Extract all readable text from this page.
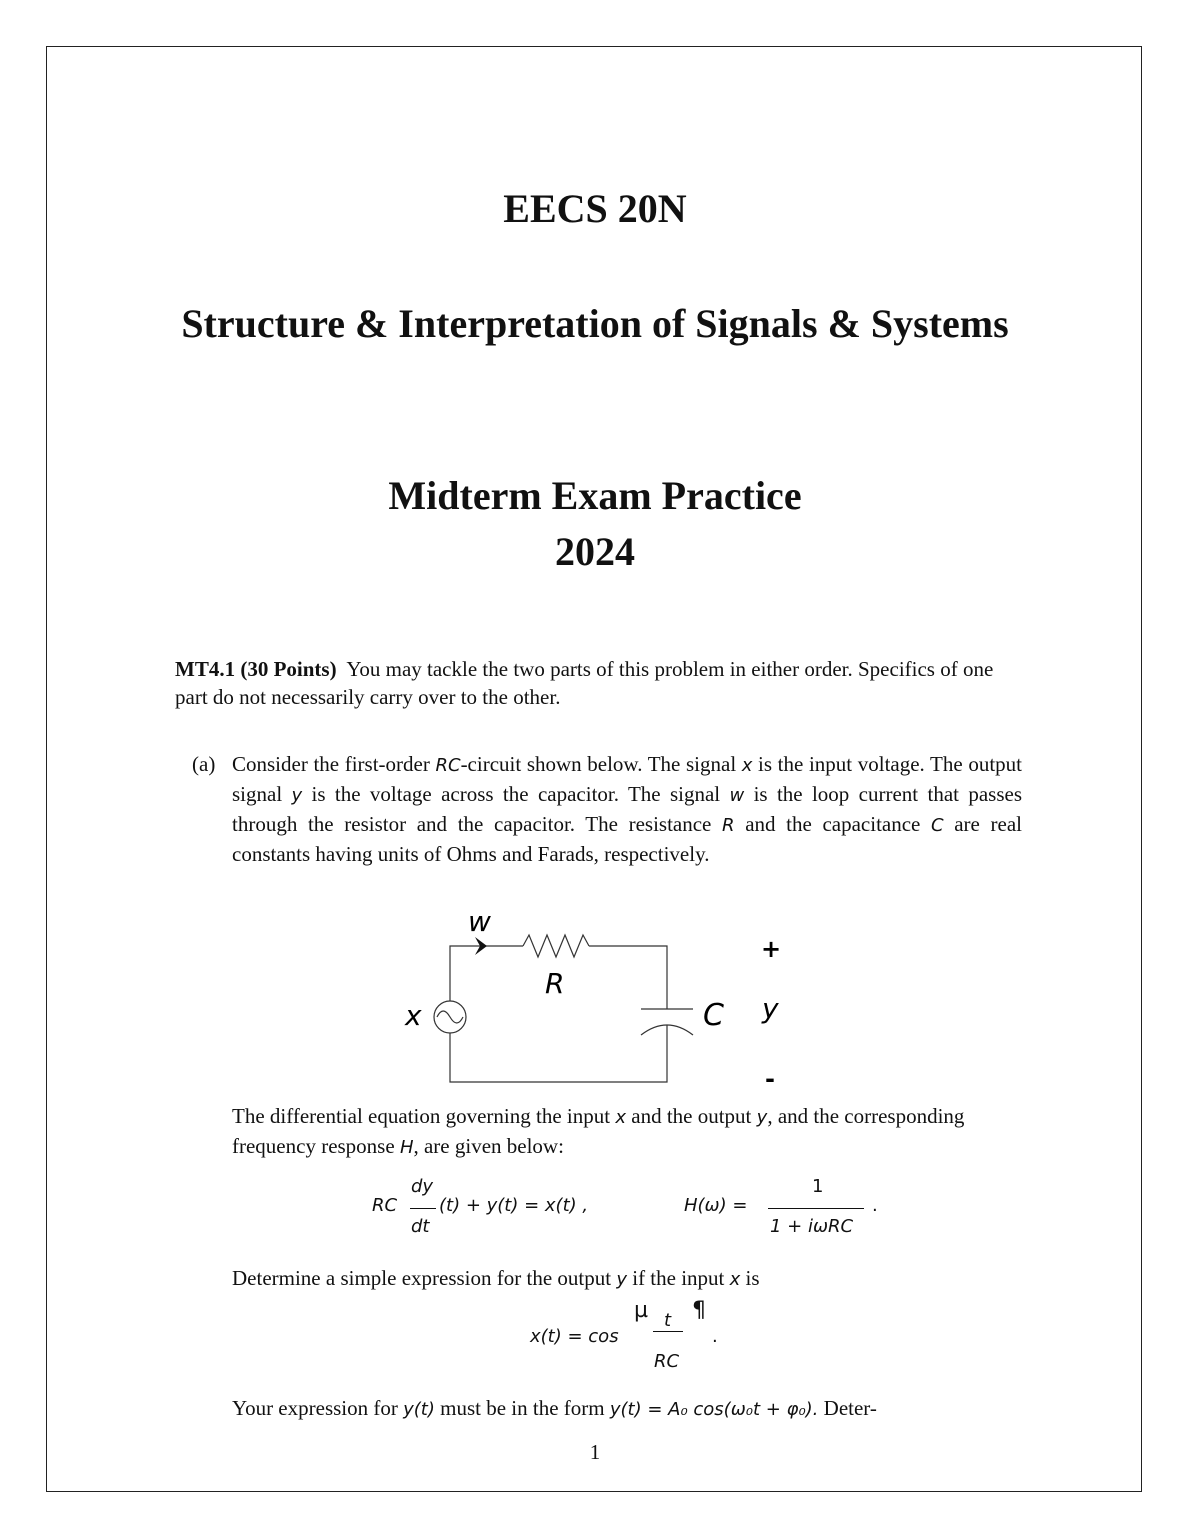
EECS 20N
Structure & Interpretation of Signals & Systems
Midterm Exam Practice
2024
MT4.1 (30 Points) You may tackle the two parts of this problem in either order. Specifics of one part do not necessarily carry over to the other.
(a) Consider the first-order RC-circuit shown below. The signal x is the input voltage. The output signal y is the voltage across the capacitor. The signal w is the loop current that passes through the resistor and the capacitor. The resistance R and the capacitance C are real constants having units of Ohms and Farads, respectively.
w
R
x	C y
+
-
The differential equation governing the input x and the output y, and the corresponding frequency response H, are given below:
RC
dy
dt
(t) + y(t) = x(t) ,	H(ω) =
1
1 + iωRC
.
Determine a simple expression for the output y if the input x is
x(t) = cos
µ t
RC
¶
.
Your expression for y(t) must be in the form y(t) = A₀ cos(ω₀t + φ₀). Deter-
1
